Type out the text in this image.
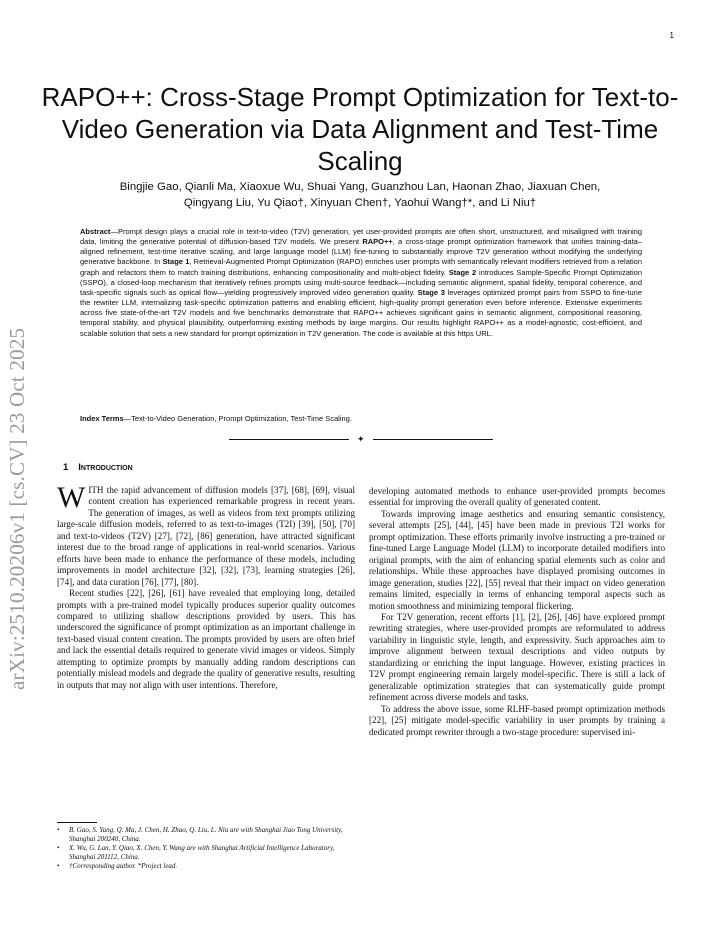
1
arXiv:2510.20206v1 [cs.CV] 23 Oct 2025
RAPO++: Cross-Stage Prompt Optimization for Text-to-Video Generation via Data Alignment and Test-Time Scaling
Bingjie Gao, Qianli Ma, Xiaoxue Wu, Shuai Yang, Guanzhou Lan, Haonan Zhao, Jiaxuan Chen,
Qingyang Liu, Yu Qiao†, Xinyuan Chen†, Yaohui Wang†*, and Li Niu†

Abstract—Prompt design plays a crucial role in text-to-video (T2V) generation, yet user-provided prompts are often short, unstructured, and misaligned with training data, limiting the generative potential of diffusion-based T2V models. We present RAPO++, a cross-stage prompt optimization framework that unifies training-data–aligned refinement, test-time iterative scaling, and large language model (LLM) fine-tuning to substantially improve T2V generation without modifying the underlying generative backbone. In Stage 1, Retrieval-Augmented Prompt Optimization (RAPO) enriches user prompts with semantically relevant modifiers retrieved from a relation graph and refactors them to match training distributions, enhancing compositionality and multi-object fidelity. Stage 2 introduces Sample-Specific Prompt Optimization (SSPO), a closed-loop mechanism that iteratively refines prompts using multi-source feedback—including semantic alignment, spatial fidelity, temporal coherence, and task-specific signals such as optical flow—yielding progressively improved video generation quality. Stage 3 leverages optimized prompt pairs from SSPO to fine-tune the rewriter LLM, internalizing task-specific optimization patterns and enabling efficient, high-quality prompt generation even before inference. Extensive experiments across five state-of-the-art T2V models and five benchmarks demonstrate that RAPO++ achieves significant gains in semantic alignment, compositional reasoning, temporal stability, and physical plausibility, outperforming existing methods by large margins. Our results highlight RAPO++ as a model-agnostic, cost-efficient, and scalable solution that sets a new standard for prompt optimization in T2V generation. The code is available at this https URL.

Index Terms—Text-to-Video Generation, Prompt Optimization, Test-Time Scaling.

✦
1 Introduction

WITH the rapid advancement of diffusion models [37], [68], [69], visual content creation has experienced remarkable progress in recent years. The generation of images, as well as videos from text prompts utilizing large-scale diffusion models, referred to as text-to-images (T2I) [39], [50], [70] and text-to-videos (T2V) [27], [72], [86] generation, have attracted significant interest due to the broad range of applications in real-world scenarios. Various efforts have been made to enhance the performance of these models, including improvements in model architecture [32], [32], [73], learning strategies [26], [74], and data curation [76], [77], [80].

Recent studies [22], [26], [61] have revealed that employing long, detailed prompts with a pre-trained model typically produces superior quality outcomes compared to utilizing shallow descriptions provided by users. This has underscored the significance of prompt optimization as an important challenge in text-based visual content creation. The prompts provided by users are often brief and lack the essential details required to generate vivid images or videos. Simply attempting to optimize prompts by manually adding random descriptions can potentially mislead models and degrade the quality of generative results, resulting in outputs that may not align with user intentions. Therefore,

developing automated methods to enhance user-provided prompts becomes essential for improving the overall quality of generated content.

Towards improving image aesthetics and ensuring semantic consistency, several attempts [25], [44], [45] have been made in previous T2I works for prompt optimization. These efforts primarily involve instructing a pre-trained or fine-tuned Large Language Model (LLM) to incorporate detailed modifiers into original prompts, with the aim of enhancing spatial elements such as color and relationships. While these approaches have displayed promising outcomes in image generation, studies [22], [55] reveal that their impact on video generation remains limited, especially in terms of enhancing temporal aspects such as motion smoothness and minimizing temporal flickering.

For T2V generation, recent efforts [1], [2], [26], [46] have explored prompt rewriting strategies, where user-provided prompts are reformulated to address variability in linguistic style, length, and expressivity. Such approaches aim to improve alignment between textual descriptions and video outputs by standardizing or enriching the input language. However, existing practices in T2V prompt engineering remain largely model-specific. There is still a lack of generalizable optimization strategies that can systematically guide prompt refinement across diverse models and tasks.

To address the above issue, some RLHF-based prompt optimization methods [22], [25] mitigate model-specific variability in user prompts by training a dedicated prompt rewriter through a two-stage procedure: supervised ini-

• B. Gao, S. Yang, Q. Ma, J. Chen, H. Zhao, Q. Liu, L. Niu are with Shanghai Jiao Tong University, Shanghai 200240, China.
• X. Wu, G. Lan, Y. Qiao, X. Chen, Y. Wang are with Shanghai Artificial Intelligence Laboratory, Shanghai 201112, China.
• †Corresponding author. *Project lead.
